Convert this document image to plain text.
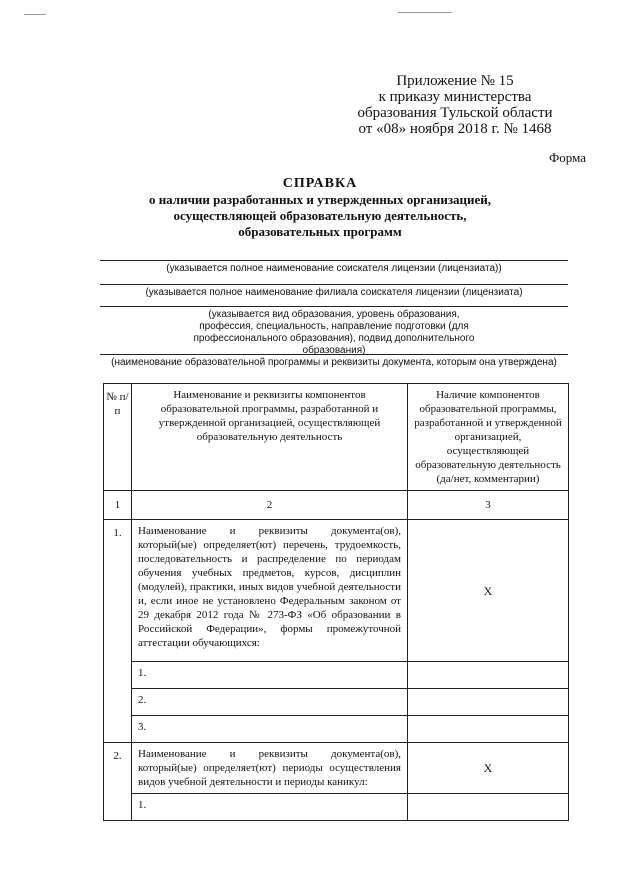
Приложение № 15
к приказу министерства
образования Тульской области
от «08» ноября 2018 г. № 1468
Форма
СПРАВКА
о наличии разработанных и утвержденных организацией,
осуществляющей образовательную деятельность,
образовательных программ
(указывается полное наименование соискателя лицензии (лицензиата))
(указывается полное наименование филиала соискателя лицензии (лицензиата)
(указывается вид образования, уровень образования, профессия, специальность, направление подготовки (для профессионального образования), подвид дополнительного образования)
(наименование образовательной программы и реквизиты документа, которым она утверждена)
№ п/п	Наименование и реквизиты компонентов образовательной программы, разработанной и утвержденной организацией, осуществляющей образовательную деятельность	Наличие компонентов образовательной программы, разработанной и утвержденной организацией, осуществляющей образовательную деятельность (да/нет, комментарии)
1	2	3
1.	Наименование и реквизиты документа(ов), который(ые) определяет(ют) перечень, трудоемкость, последовательность и распределение по периодам обучения учебных предметов, курсов, дисциплин (модулей), практики, иных видов учебной деятельности и, если иное не установлено Федеральным законом от 29 декабря 2012 года № 273-ФЗ «Об образовании в Российской Федерации», формы промежуточной аттестации обучающихся:	Х
	1.	
	2.	
	3.	
2.	Наименование и реквизиты документа(ов), который(ые) определяет(ют) периоды осуществления видов учебной деятельности и периоды каникул:	Х
	1.	
